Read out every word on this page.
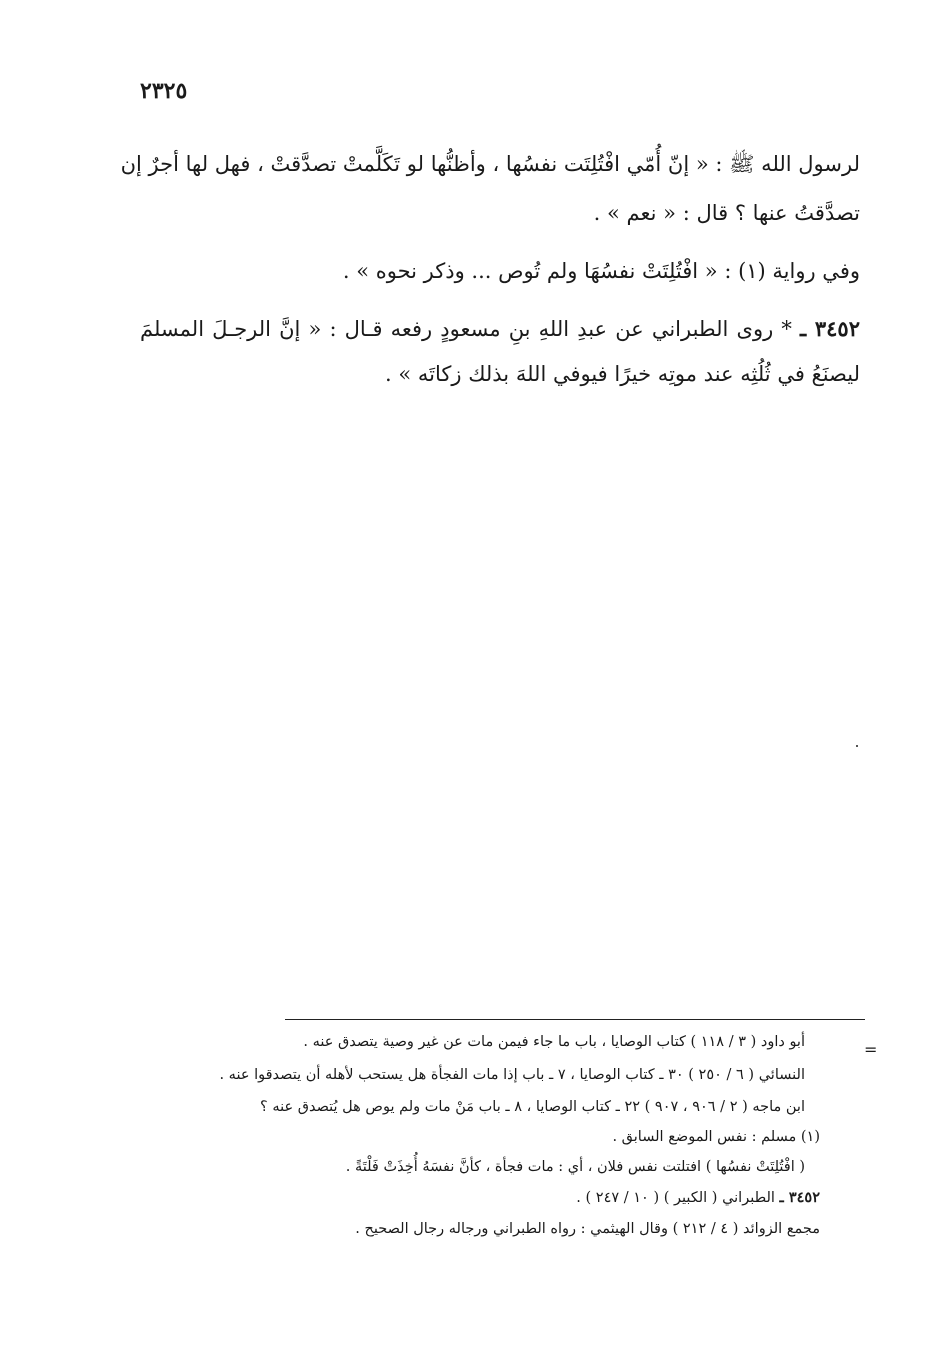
٢٣٢٥
لرسول الله ﷺ : « إنّ أُمّي افْتُلِتَت نفسُها ، وأظنُّها لو تَكَلَّمتْ تصدَّقتْ ، فهل لها أجرٌ إن
تصدَّقتُ عنها ؟ قال : « نعم » .
وفي رواية (١) : « افْتُلِتَتْ نفسُهَا ولم تُوص ... وذكر نحوه » .
٣٤٥٢ ـ * روى الطبراني عن عبدِ اللهِ بنِ مسعودٍ رفعه قـال : « إنَّ الرجـلَ المسلمَ
ليصنَعُ في ثُلُثِه عند موتِه خيرًا فيوفي اللهَ بذلك زكاتَه » .
=
أبو داود ( ٣ / ١١٨ ) كتاب الوصايا ، باب ما جاء فيمن مات عن غير وصية يتصدق عنه .
النسائي ( ٦ / ٢٥٠ ) ٣٠ ـ كتاب الوصايا ، ٧ ـ باب إذا مات الفجأة هل يستحب لأهله أن يتصدقوا عنه .
ابن ماجه ( ٢ / ٩٠٦ ، ٩٠٧ ) ٢٢ ـ كتاب الوصايا ، ٨ ـ باب مَنْ مات ولم يوص هل يُتصدق عنه ؟
(١) مسلم : نفس الموضع السابق .
( افْتُلِتَتْ نفسُها ) افتلتت نفس فلان ، أي : مات فجأة ، كأنَّ نفسَهُ أُخِذَتْ فَلْتَةً .
٣٤٥٢ ـ الطبراني ( الكبير ) ( ١٠ / ٢٤٧ ) .
مجمع الزوائد ( ٤ / ٢١٢ ) وقال الهيثمي : رواه الطبراني ورجاله رجال الصحيح .
